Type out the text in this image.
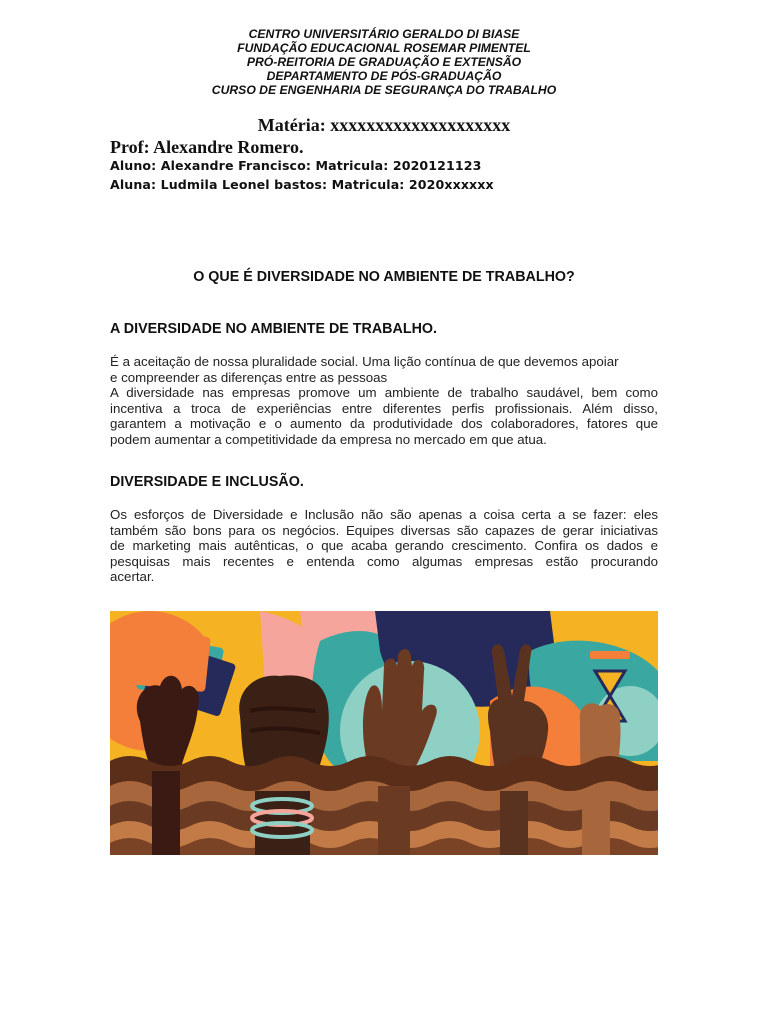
CENTRO UNIVERSITÁRIO GERALDO DI BIASE
FUNDAÇÃO EDUCACIONAL ROSEMAR PIMENTEL
PRÓ-REITORIA DE GRADUAÇÃO E EXTENSÃO
DEPARTAMENTO DE PÓS-GRADUAÇÃO
CURSO DE ENGENHARIA DE SEGURANÇA DO TRABALHO
Matéria: xxxxxxxxxxxxxxxxxxxx
Prof: Alexandre Romero.
Aluno: Alexandre Francisco: Matricula: 2020121123
Aluna: Ludmila Leonel bastos: Matricula: 2020xxxxxx
O QUE É DIVERSIDADE NO AMBIENTE DE TRABALHO?
A DIVERSIDADE NO AMBIENTE DE TRABALHO.
É a aceitação de nossa pluralidade social. Uma lição contínua de que devemos apoiar
e compreender as diferenças entre as pessoas
A diversidade nas empresas promove um ambiente de trabalho saudável, bem como
incentiva a troca de experiências entre diferentes perfis profissionais. Além disso,
garantem a motivação e o aumento da produtividade dos colaboradores, fatores que
podem aumentar a competitividade da empresa no mercado em que atua.
DIVERSIDADE E INCLUSÃO.
Os esforços de Diversidade e Inclusão não são apenas a coisa certa a se fazer: eles
também são bons para os negócios. Equipes diversas são capazes de gerar iniciativas
de marketing mais autênticas, o que acaba gerando crescimento. Confira os dados e
pesquisas mais recentes e entenda como algumas empresas estão procurando
acertar.
